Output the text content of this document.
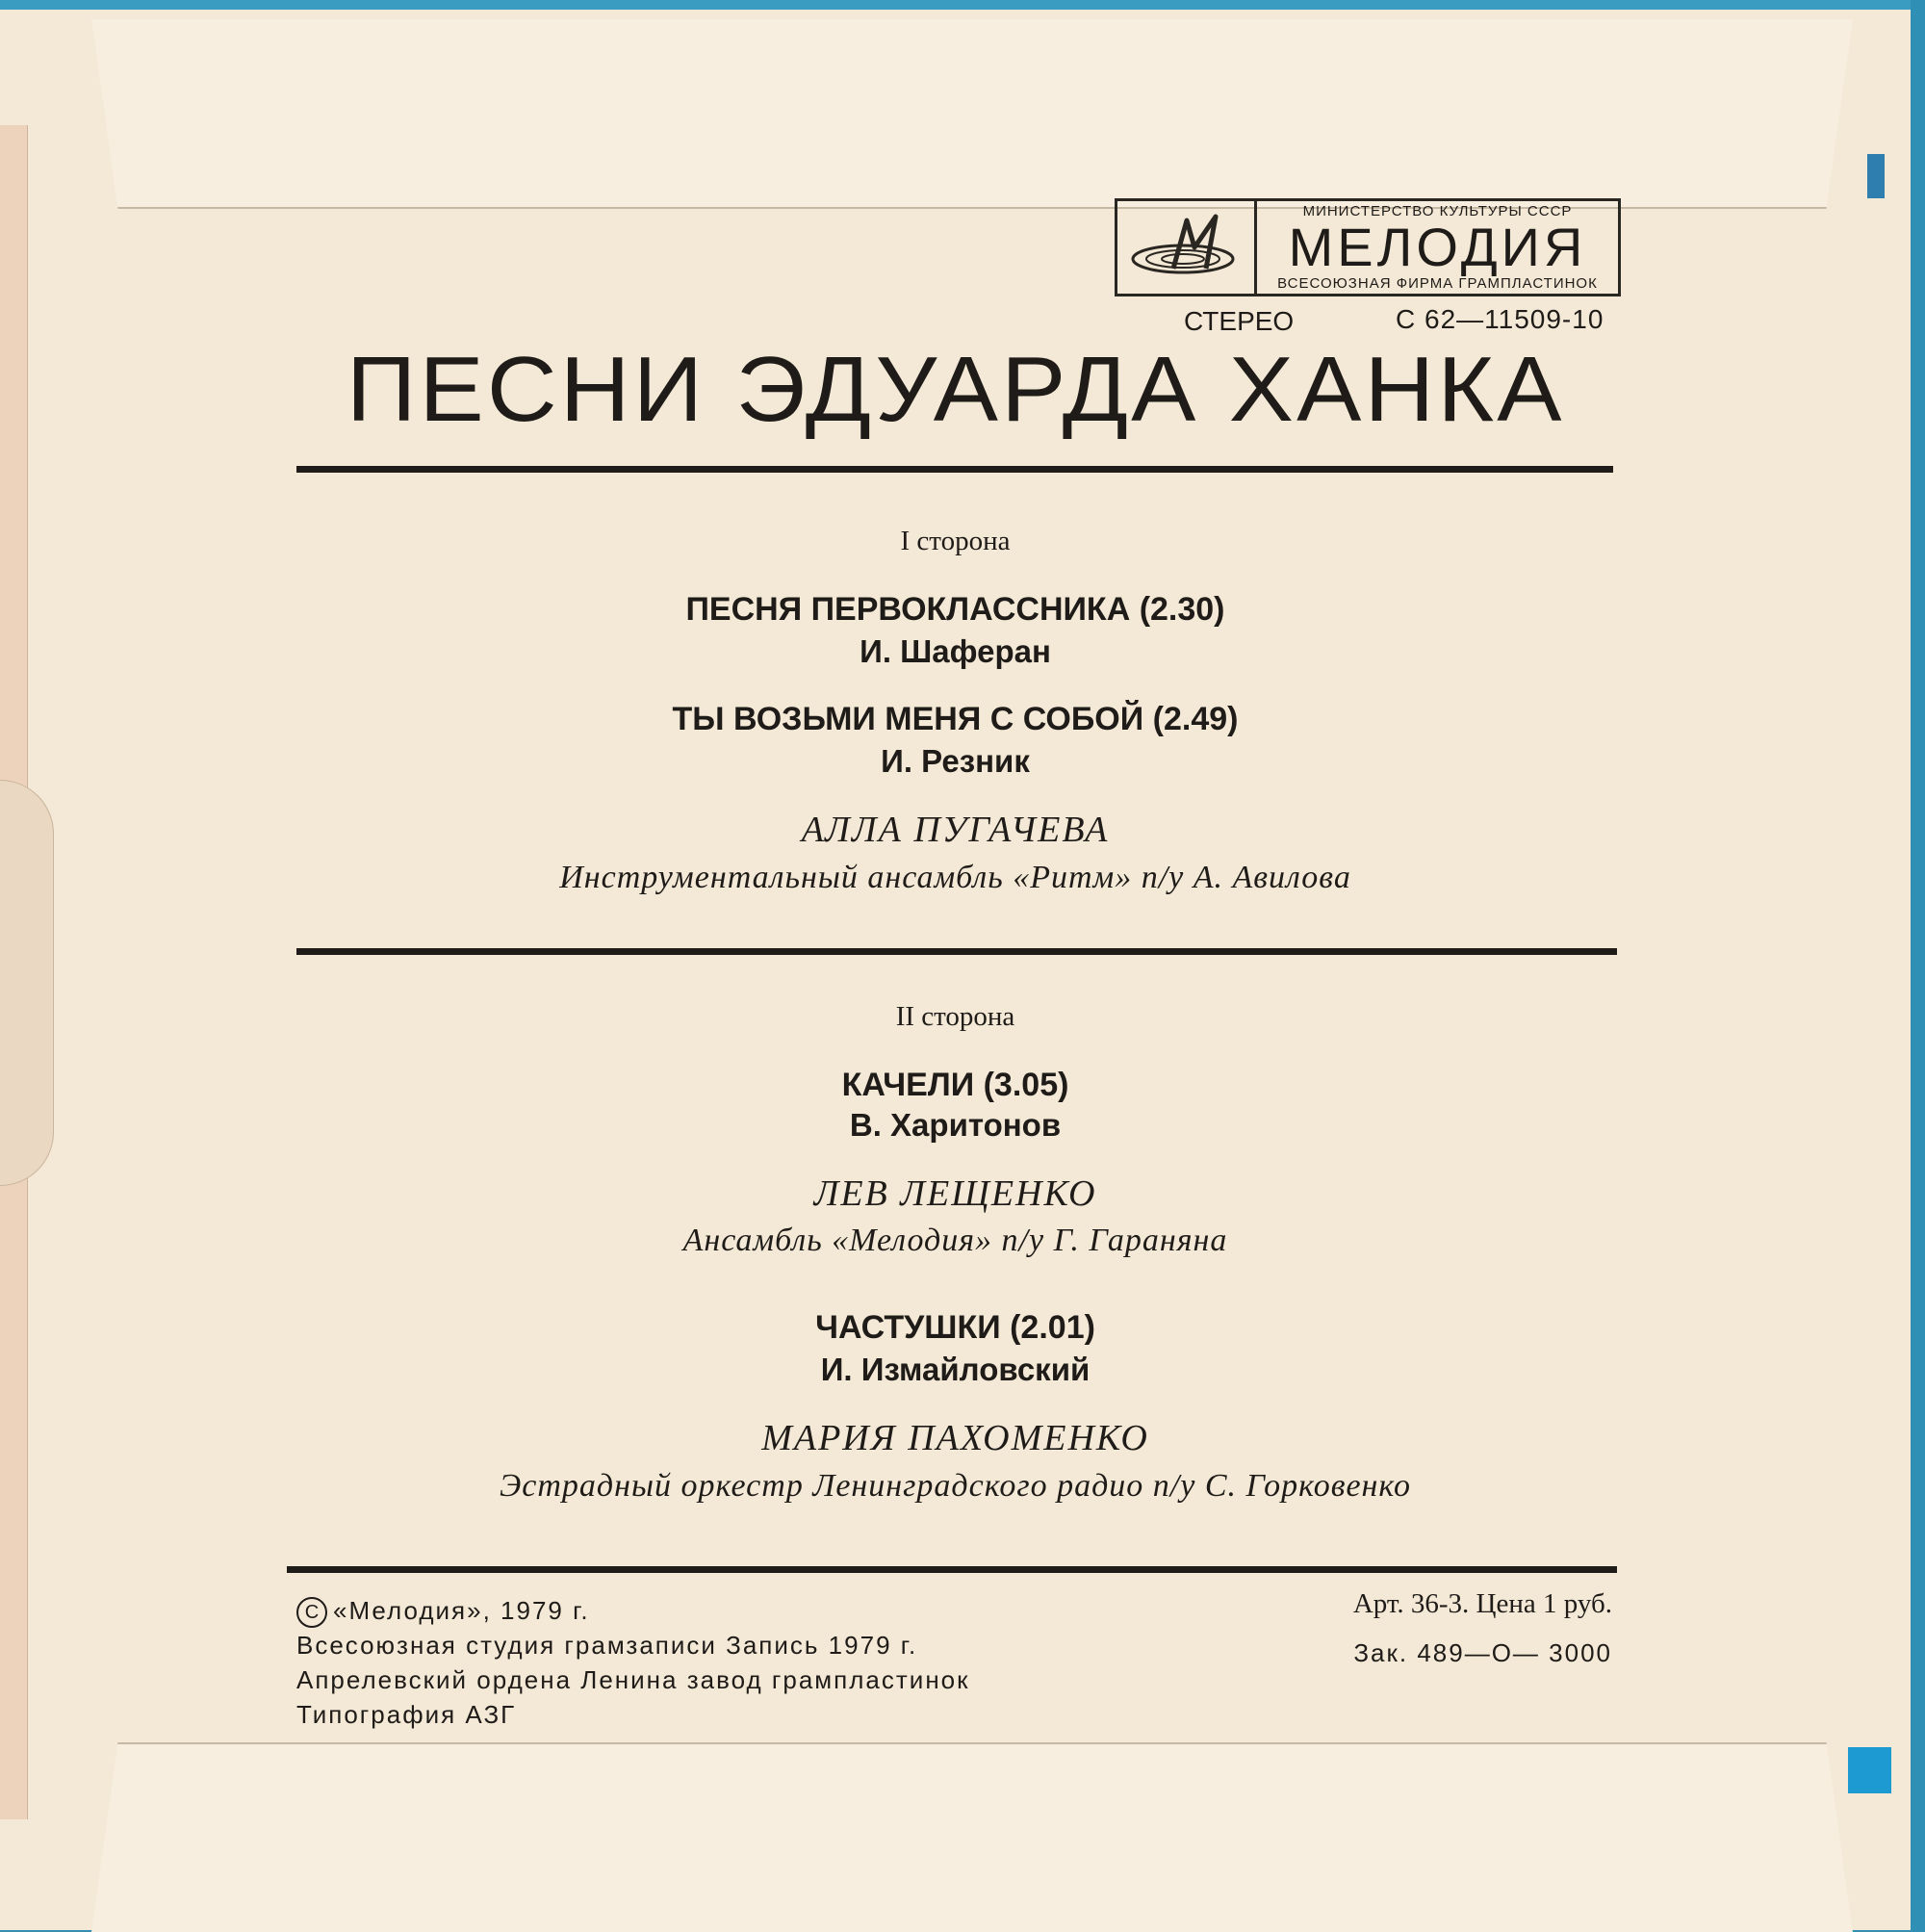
МИНИСТЕРСТВО КУЛЬТУРЫ СССР
МЕЛОДИЯ
ВСЕСОЮЗНАЯ ФИРМА ГРАМПЛАСТИНОК
СТЕРЕО	С 62—11509-10
ПЕСНИ ЭДУАРДА ХАНКА
I сторона
ПЕСНЯ ПЕРВОКЛАССНИКА (2.30)
И. Шаферан
ТЫ ВОЗЬМИ МЕНЯ С СОБОЙ (2.49)
И. Резник
АЛЛА ПУГАЧЕВА
Инструментальный ансамбль «Ритм» п/у А. Авилова
II сторона
КАЧЕЛИ (3.05)
В. Харитонов
ЛЕВ ЛЕЩЕНКО
Ансамбль «Мелодия» п/у Г. Гараняна
ЧАСТУШКИ (2.01)
И. Измайловский
МАРИЯ ПАХОМЕНКО
Эстрадный оркестр Ленинградского радио п/у С. Горковенко
C «Мелодия», 1979 г.
Всесоюзная студия грамзаписи Запись 1979 г.
Апрелевский ордена Ленина завод грампластинок
Типография АЗГ
Арт. 36-3. Цена 1 руб.
Зак. 489—О— 3000
